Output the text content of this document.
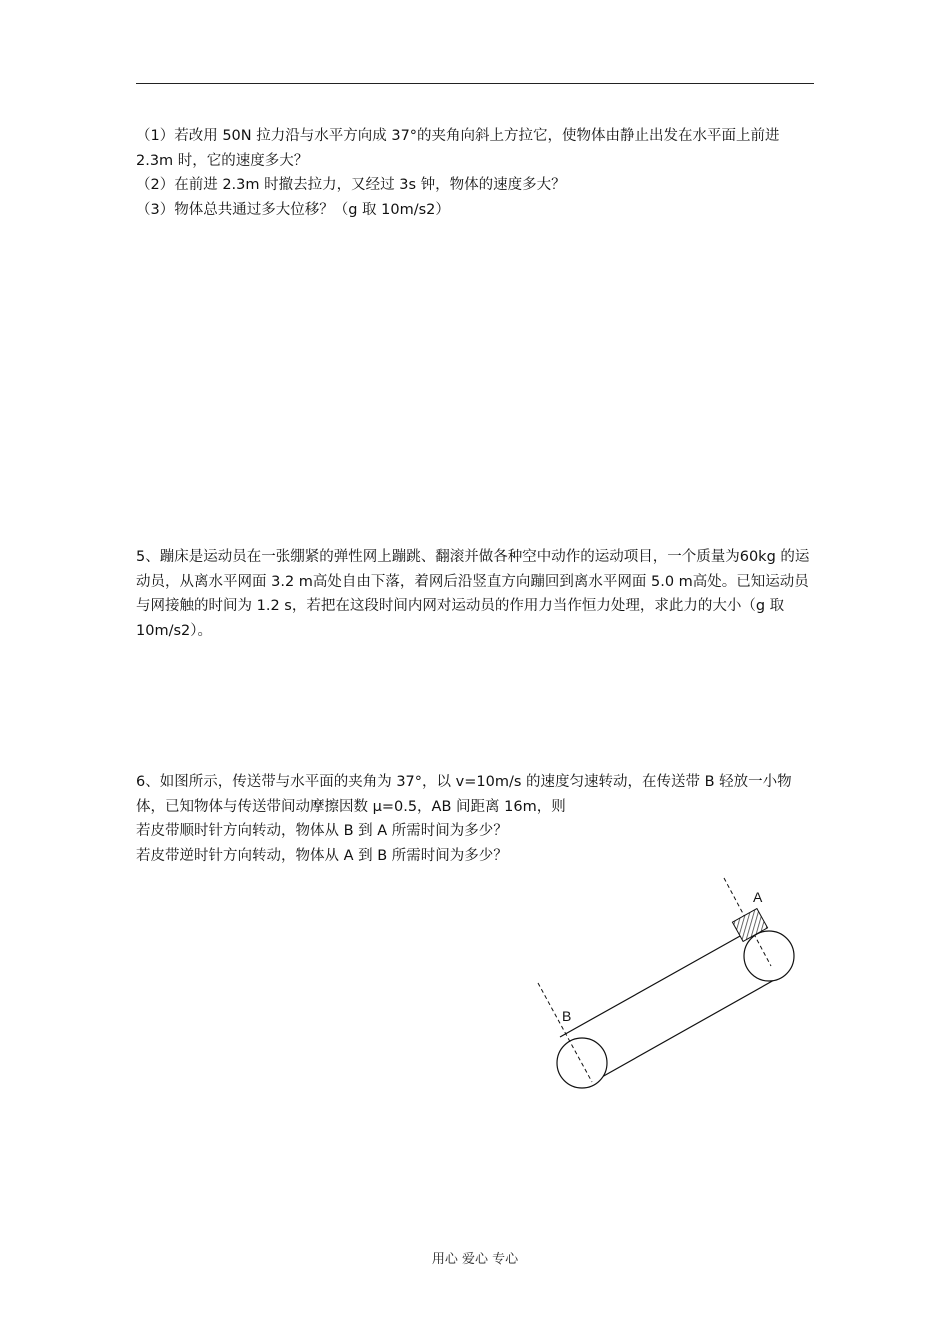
（1）若改用 50N 拉力沿与水平方向成 37°的夹角向斜上方拉它，使物体由静止出发在水平面上前进 2.3m 时，它的速度多大？

（2）在前进 2.3m 时撤去拉力，又经过 3s 钟，物体的速度多大？

（3）物体总共通过多大位移？（g 取 10m/s2）

5、蹦床是运动员在一张绷紧的弹性网上蹦跳、翻滚并做各种空中动作的运动项目，一个质量为60kg 的运动员，从离水平网面 3.2 m高处自由下落，着网后沿竖直方向蹦回到离水平网面 5.0 m高处。已知运动员与网接触的时间为 1.2 s，若把在这段时间内网对运动员的作用力当作恒力处理，求此力的大小（g 取 10m/s2）。

6、如图所示，传送带与水平面的夹角为 37°，以 v=10m/s 的速度匀速转动，在传送带 B 轻放一小物体，已知物体与传送带间动摩擦因数 μ=0.5，AB 间距离 16m，则

若皮带顺时针方向转动，物体从 B 到 A 所需时间为多少？

若皮带逆时针方向转动，物体从 A 到 B 所需时间为多少？

A
B
用心 爱心 专心
